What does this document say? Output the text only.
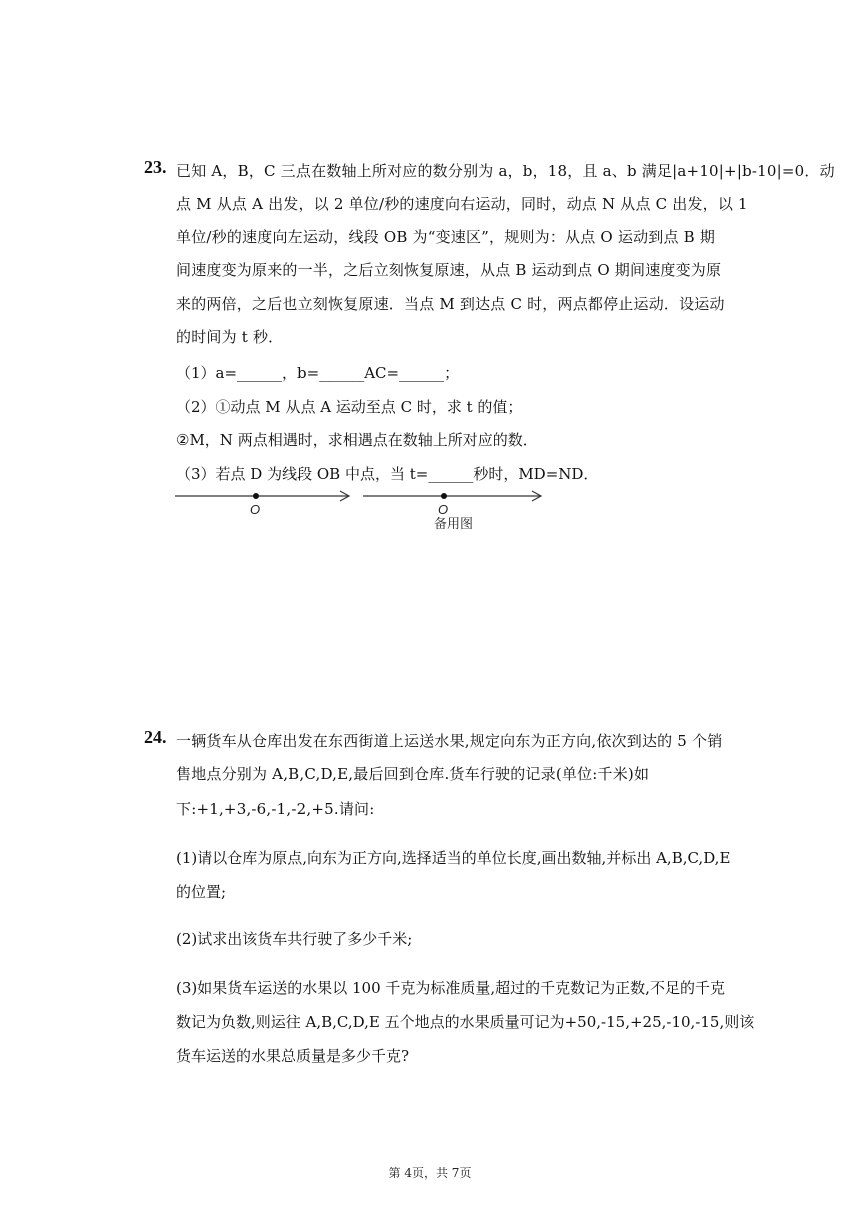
23. 已知 A，B，C 三点在数轴上所对应的数分别为 a，b，18，且 a、b 满足|a+10|+|b-10|=0．动
点 M 从点 A 出发，以 2 单位/秒的速度向右运动，同时，动点 N 从点 C 出发，以 1
单位/秒的速度向左运动，线段 OB 为“变速区”，规则为：从点 O 运动到点 B 期
间速度变为原来的一半，之后立刻恢复原速，从点 B 运动到点 O 期间速度变为原
来的两倍，之后也立刻恢复原速．当点 M 到达点 C 时，两点都停止运动．设运动
的时间为 t 秒．
（1）a=______，b=______AC=______；
（2）①动点 M 从点 A 运动至点 C 时，求 t 的值；
②M，N 两点相遇时，求相遇点在数轴上所对应的数．
（3）若点 D 为线段 OB 中点，当 t=______秒时，MD=ND．
O	O
备用图
24. 一辆货车从仓库出发在东西街道上运送水果,规定向东为正方向,依次到达的 5 个销
售地点分别为 A,B,C,D,E,最后回到仓库.货车行驶的记录(单位:千米)如
下:+1,+3,-6,-1,-2,+5.请问:
(1)请以仓库为原点,向东为正方向,选择适当的单位长度,画出数轴,并标出 A,B,C,D,E
的位置;
(2)试求出该货车共行驶了多少千米;
(3)如果货车运送的水果以 100 千克为标准质量,超过的千克数记为正数,不足的千克
数记为负数,则运往 A,B,C,D,E 五个地点的水果质量可记为+50,-15,+25,-10,-15,则该
货车运送的水果总质量是多少千克?
第 4页，共 7页
